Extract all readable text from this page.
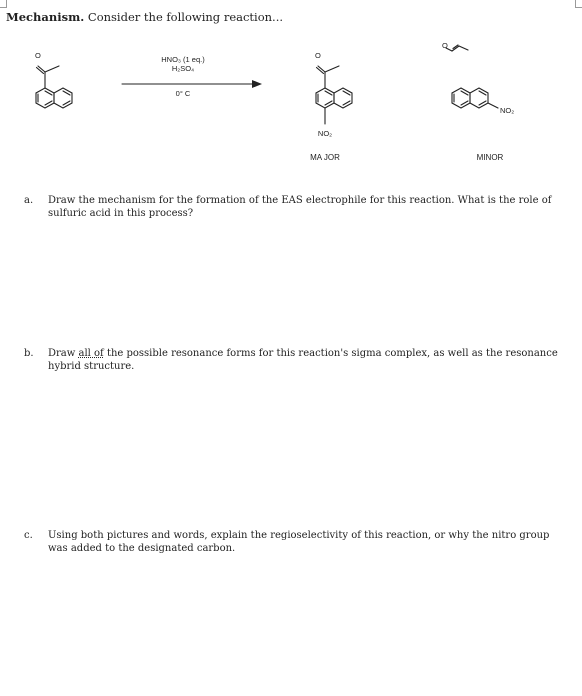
Mechanism. Consider the following reaction...
O	O
O
HNO₃ (1 eq.)
H₂SO₄
0° C
NO₂
NO₂
MA JOR	MINOR
a. Draw the mechanism for the formation of the EAS electrophile for this reaction. What is the role of sulfuric acid in this process?
b. Draw all of the possible resonance forms for this reaction's sigma complex, as well as the resonance hybrid structure.
c. Using both pictures and words, explain the regioselectivity of this reaction, or why the nitro group was added to the designated carbon.
